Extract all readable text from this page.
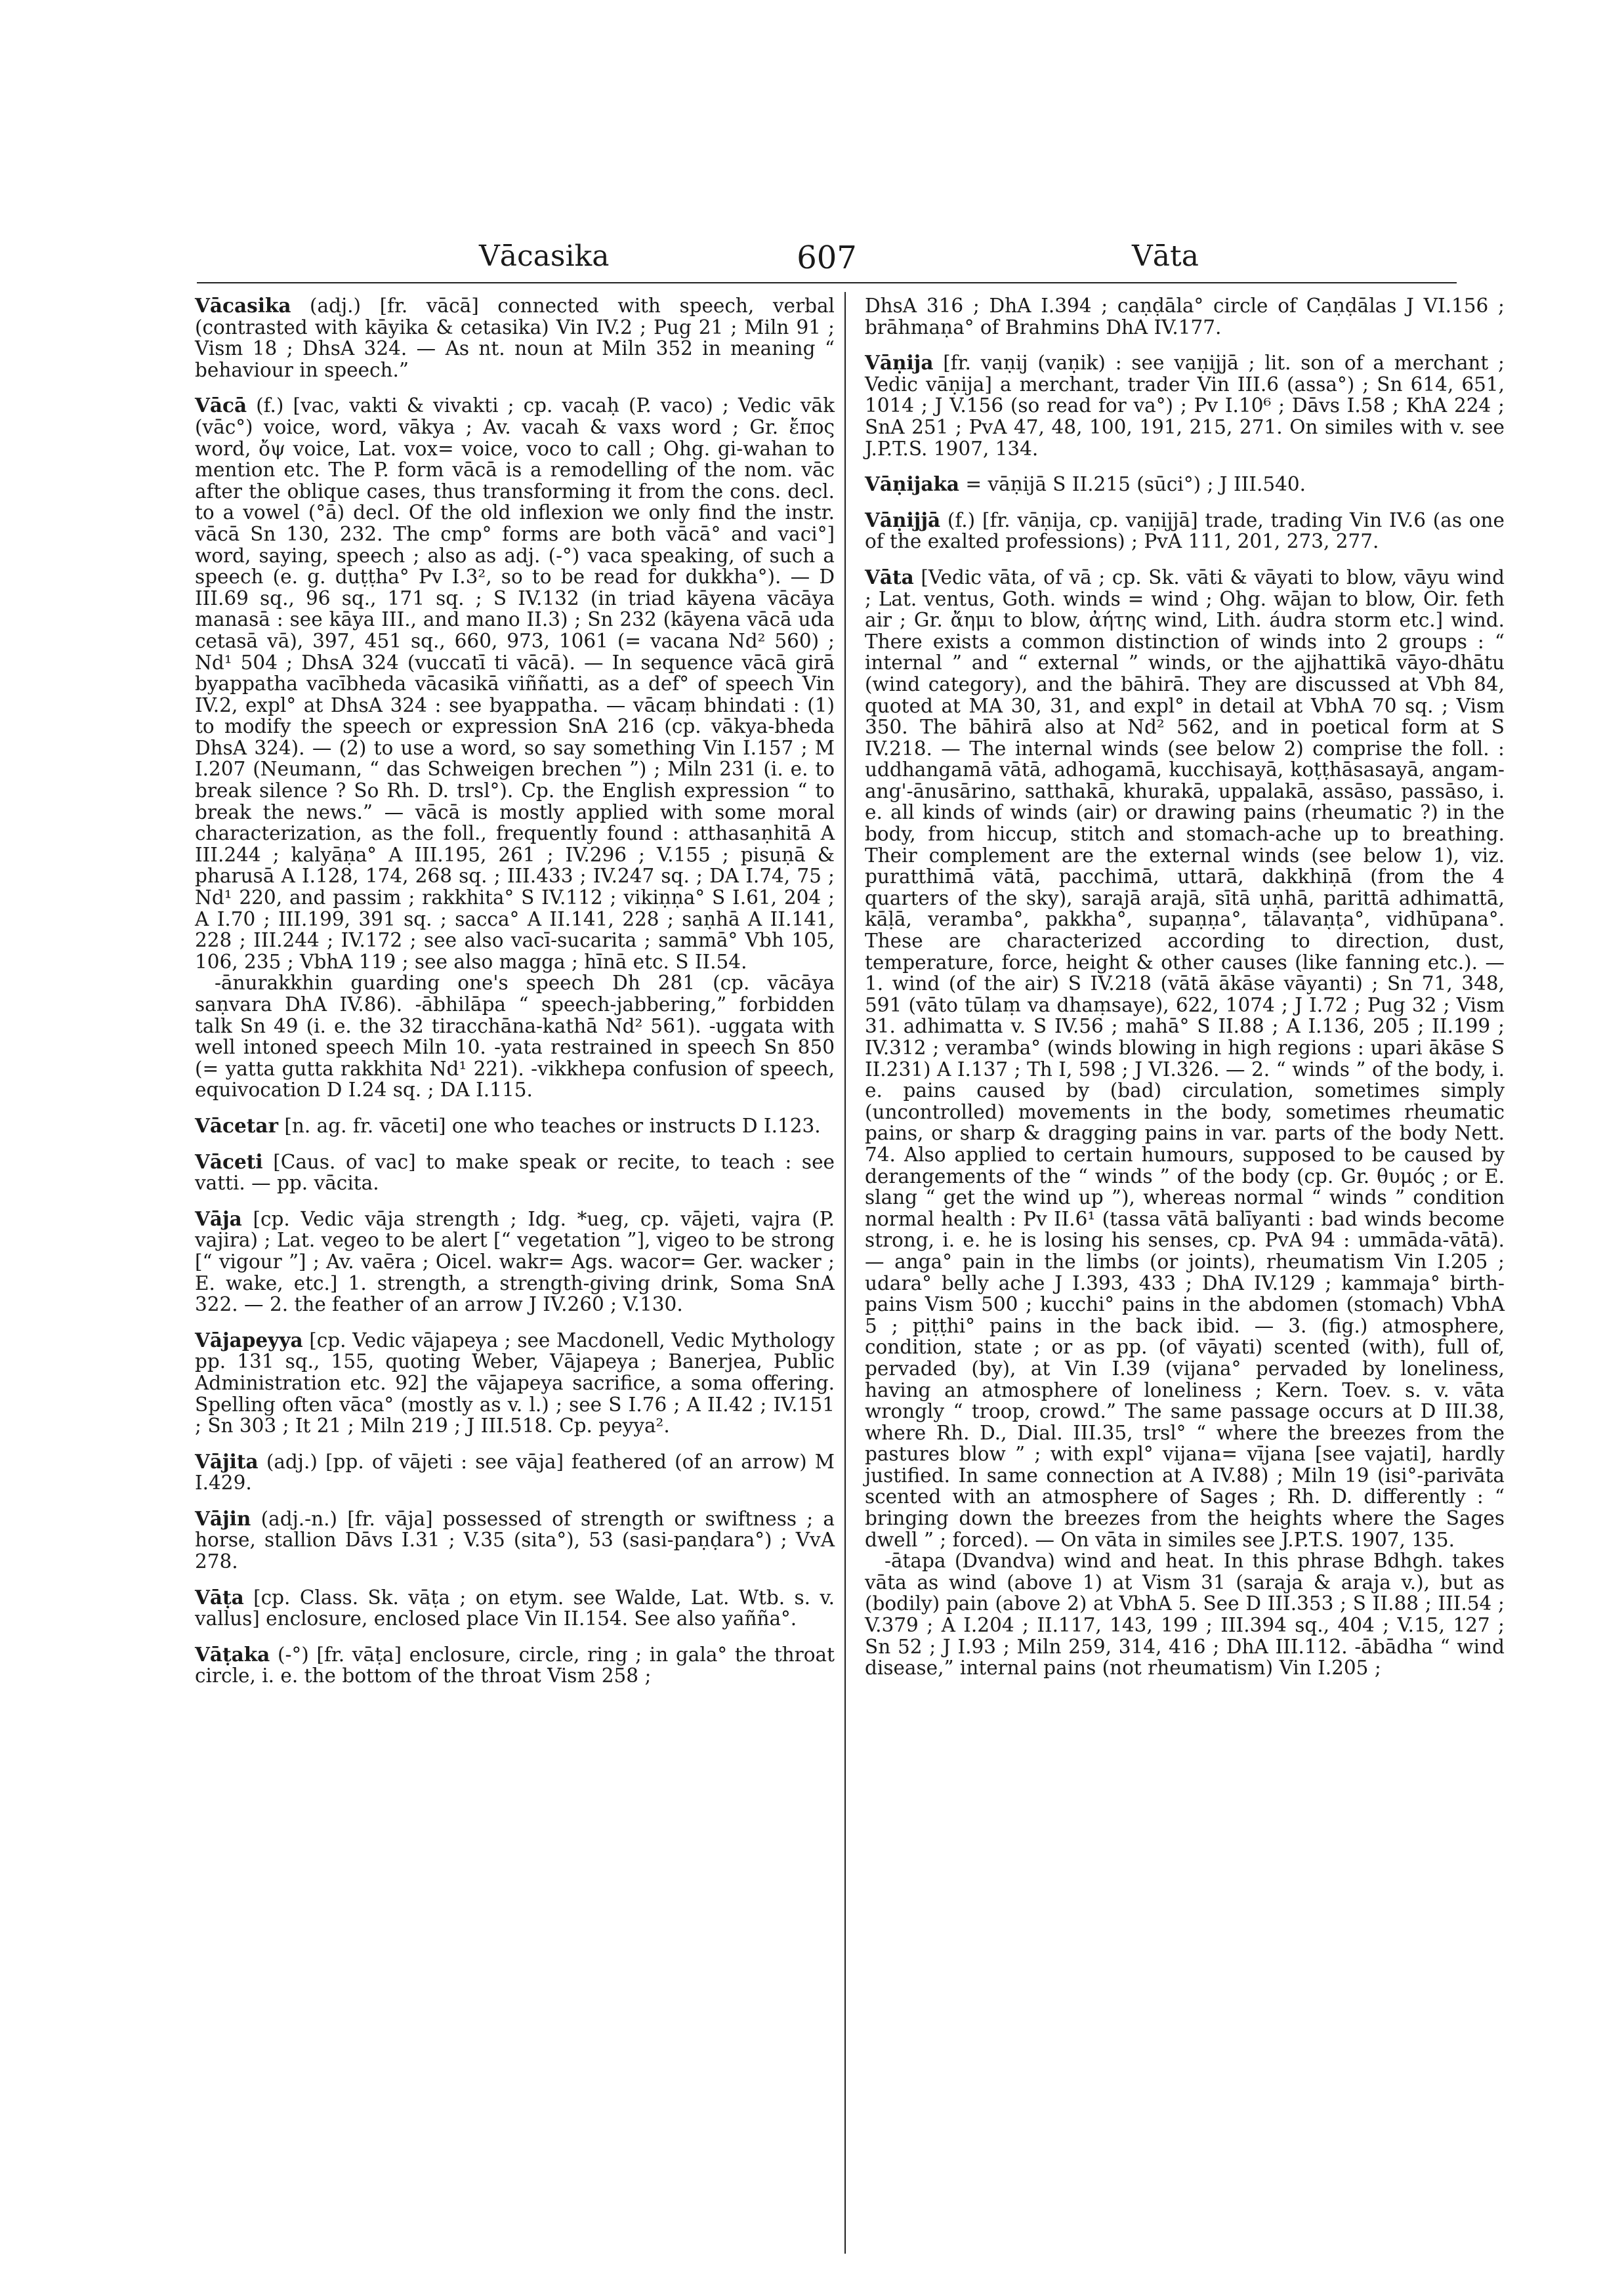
Vācasika	607	Vāta

Vācasika (adj.) [fr. vācā] connected with speech, verbal (contrasted with kāyika & cetasika) Vin IV.2 ; Pug 21 ; Miln 91 ; Vism 18 ; DhsA 324. — As nt. noun at Miln 352 in meaning “ behaviour in speech.”

Vācā (f.) [vac, vakti & vivakti ; cp. vacaḥ (P. vaco) ; Vedic vāk (vāc°) voice, word, vākya ; Av. vacah & vaxs word ; Gr. ἔπος word, ὄψ voice, Lat. vox= voice, voco to call ; Ohg. gi-wahan to mention etc. The P. form vācā is a remodelling of the nom. vāc after the oblique cases, thus transforming it from the cons. decl. to a vowel (°ā) decl. Of the old inflexion we only find the instr. vācā Sn 130, 232. The cmp° forms are both vācā° and vaci°] word, saying, speech ; also as adj. (-°) vaca speaking, of such a speech (e. g. duṭṭha° Pv I.3², so to be read for dukkha°). — D III.69 sq., 96 sq., 171 sq. ; S IV.132 (in triad kāyena vācāya manasā : see kāya III., and mano II.3) ; Sn 232 (kāyena vācā uda cetasā vā), 397, 451 sq., 660, 973, 1061 (= vacana Nd² 560) ; Nd¹ 504 ; DhsA 324 (vuccatī ti vācā). — In sequence vācā girā byappatha vacībheda vācasikā viññatti, as a def° of speech Vin IV.2, expl° at DhsA 324 : see byappatha. — vācaṃ bhindati : (1) to modify the speech or expression SnA 216 (cp. vākya-bheda DhsA 324). — (2) to use a word, so say something Vin I.157 ; M I.207 (Neumann, “ das Schweigen brechen ”) ; Miln 231 (i. e. to break silence ? So Rh. D. trsl°). Cp. the English expression “ to break the news.” — vācā is mostly applied with some moral characterization, as the foll., frequently found : atthasaṇhitā A III.244 ; kalyāṇa° A III.195, 261 ; IV.296 ; V.155 ; pisuṇā & pharusā A I.128, 174, 268 sq. ; III.433 ; IV.247 sq. ; DA I.74, 75 ; Nd¹ 220, and passim ; rakkhita° S IV.112 ; vikiṇṇa° S I.61, 204 ; A I.70 ; III.199, 391 sq. ; sacca° A II.141, 228 ; saṇhā A II.141, 228 ; III.244 ; IV.172 ; see also vacī-sucarita ; sammā° Vbh 105, 106, 235 ; VbhA 119 ; see also magga ; hīnā etc. S II.54.

-ānurakkhin guarding one's speech Dh 281 (cp. vācāya saṇvara DhA IV.86). -ābhilāpa “ speech-jabbering,” forbidden talk Sn 49 (i. e. the 32 tiracchāna-kathā Nd² 561). -uggata with well intoned speech Miln 10. -yata restrained in speech Sn 850 (= yatta gutta rakkhita Nd¹ 221). -vikkhepa confusion of speech, equivocation D I.24 sq. ; DA I.115.

Vācetar [n. ag. fr. vāceti] one who teaches or instructs D I.123.

Vāceti [Caus. of vac] to make speak or recite, to teach : see vatti. — pp. vācita.

Vāja [cp. Vedic vāja strength ; Idg. *ueg, cp. vājeti, vajra (P. vajira) ; Lat. vegeo to be alert [“ vegetation ”], vigeo to be strong [“ vigour ”] ; Av. vaēra ; Oicel. wakr= Ags. wacor= Ger. wacker ; E. wake, etc.] 1. strength, a strength-giving drink, Soma SnA 322. — 2. the feather of an arrow J IV.260 ; V.130.

Vājapeyya [cp. Vedic vājapeya ; see Macdonell, Vedic Mythology pp. 131 sq., 155, quoting Weber, Vājapeya ; Banerjea, Public Administration etc. 92] the vājapeya sacrifice, a soma offering. Spelling often vāca° (mostly as v. l.) ; see S I.76 ; A II.42 ; IV.151 ; Sn 303 ; It 21 ; Miln 219 ; J III.518. Cp. peyya².

Vājita (adj.) [pp. of vājeti : see vāja] feathered (of an arrow) M I.429.

Vājin (adj.-n.) [fr. vāja] possessed of strength or swiftness ; a horse, stallion Dāvs I.31 ; V.35 (sita°), 53 (sasi-paṇḍara°) ; VvA 278.

Vāṭa [cp. Class. Sk. vāṭa ; on etym. see Walde, Lat. Wtb. s. v. vallus] enclosure, enclosed place Vin II.154. See also yañña°.

Vāṭaka (-°) [fr. vāṭa] enclosure, circle, ring ; in gala° the throat circle, i. e. the bottom of the throat Vism 258 ;

DhsA 316 ; DhA I.394 ; caṇḍāla° circle of Caṇḍālas J VI.156 ; brāhmaṇa° of Brahmins DhA IV.177.

Vāṇija [fr. vaṇij (vaṇik) : see vaṇijjā ; lit. son of a merchant ; Vedic vāṇija] a merchant, trader Vin III.6 (assa°) ; Sn 614, 651, 1014 ; J V.156 (so read for va°) ; Pv I.10⁶ ; Dāvs I.58 ; KhA 224 ; SnA 251 ; PvA 47, 48, 100, 191, 215, 271. On similes with v. see J.P.T.S. 1907, 134.

Vāṇijaka = vāṇijā S II.215 (sūci°) ; J III.540.

Vāṇijjā (f.) [fr. vāṇija, cp. vaṇijjā] trade, trading Vin IV.6 (as one of the exalted professions) ; PvA 111, 201, 273, 277.

Vāta [Vedic vāta, of vā ; cp. Sk. vāti & vāyati to blow, vāyu wind ; Lat. ventus, Goth. winds = wind ; Ohg. wājan to blow, Oir. feth air ; Gr. ἄημι to blow, ἀήτης wind, Lith. áudra storm etc.] wind. There exists a common distinction of winds into 2 groups : “ internal ” and “ external ” winds, or the ajjhattikā vāyo-dhātu (wind category), and the bāhirā. They are discussed at Vbh 84, quoted at MA 30, 31, and expl° in detail at VbhA 70 sq. ; Vism 350. The bāhirā also at Nd² 562, and in poetical form at S IV.218. — The internal winds (see below 2) comprise the foll. : uddhangamā vātā, adhogamā, kucchisayā, koṭṭhāsasayā, angam-ang'-ānusārino, satthakā, khurakā, uppalakā, assāso, passāso, i. e. all kinds of winds (air) or drawing pains (rheumatic ?) in the body, from hiccup, stitch and stomach-ache up to breathing. Their complement are the external winds (see below 1), viz. puratthimā vātā, pacchimā, uttarā, dakkhiṇā (from the 4 quarters of the sky), sarajā arajā, sītā uṇhā, parittā adhimattā, kāḷā, veramba°, pakkha°, supaṇṇa°, tālavaṇṭa°, vidhūpana°. These are characterized according to direction, dust, temperature, force, height & other causes (like fanning etc.). — 1. wind (of the air) S IV.218 (vātā ākāse vāyanti) ; Sn 71, 348, 591 (vāto tūlaṃ va dhaṃsaye), 622, 1074 ; J I.72 ; Pug 32 ; Vism 31. adhimatta v. S IV.56 ; mahā° S II.88 ; A I.136, 205 ; II.199 ; IV.312 ; veramba° (winds blowing in high regions : upari ākāse S II.231) A I.137 ; Th I, 598 ; J VI.326. — 2. “ winds ” of the body, i. e. pains caused by (bad) circulation, sometimes simply (uncontrolled) movements in the body, sometimes rheumatic pains, or sharp & dragging pains in var. parts of the body Nett. 74. Also applied to certain humours, supposed to be caused by derangements of the “ winds ” of the body (cp. Gr. θυμός ; or E. slang “ get the wind up ”), whereas normal “ winds ” condition normal health : Pv II.6¹ (tassa vātā balīyanti : bad winds become strong, i. e. he is losing his senses, cp. PvA 94 : ummāda-vātā). — anga° pain in the limbs (or joints), rheumatism Vin I.205 ; udara° belly ache J I.393, 433 ; DhA IV.129 ; kammaja° birth-pains Vism 500 ; kucchi° pains in the abdomen (stomach) VbhA 5 ; piṭṭhi° pains in the back ibid. — 3. (fig.) atmosphere, condition, state ; or as pp. (of vāyati) scented (with), full of, pervaded (by), at Vin I.39 (vijana° pervaded by loneliness, having an atmosphere of loneliness ; Kern. Toev. s. v. vāta wrongly “ troop, crowd.” The same passage occurs at D III.38, where Rh. D., Dial. III.35, trsl° “ where the breezes from the pastures blow ” ; with expl° vijana= vījana [see vajati], hardly justified. In same connection at A IV.88) ; Miln 19 (isi°-parivāta scented with an atmosphere of Sages ; Rh. D. differently : “ bringing down the breezes from the heights where the Sages dwell ” ; forced). — On vāta in similes see J.P.T.S. 1907, 135.

-ātapa (Dvandva) wind and heat. In this phrase Bdhgh. takes vāta as wind (above 1) at Vism 31 (saraja & araja v.), but as (bodily) pain (above 2) at VbhA 5. See D III.353 ; S II.88 ; III.54 ; V.379 ; A I.204 ; II.117, 143, 199 ; III.394 sq., 404 ; V.15, 127 ; Sn 52 ; J I.93 ; Miln 259, 314, 416 ; DhA III.112. -ābādha “ wind disease,” internal pains (not rheumatism) Vin I.205 ;
